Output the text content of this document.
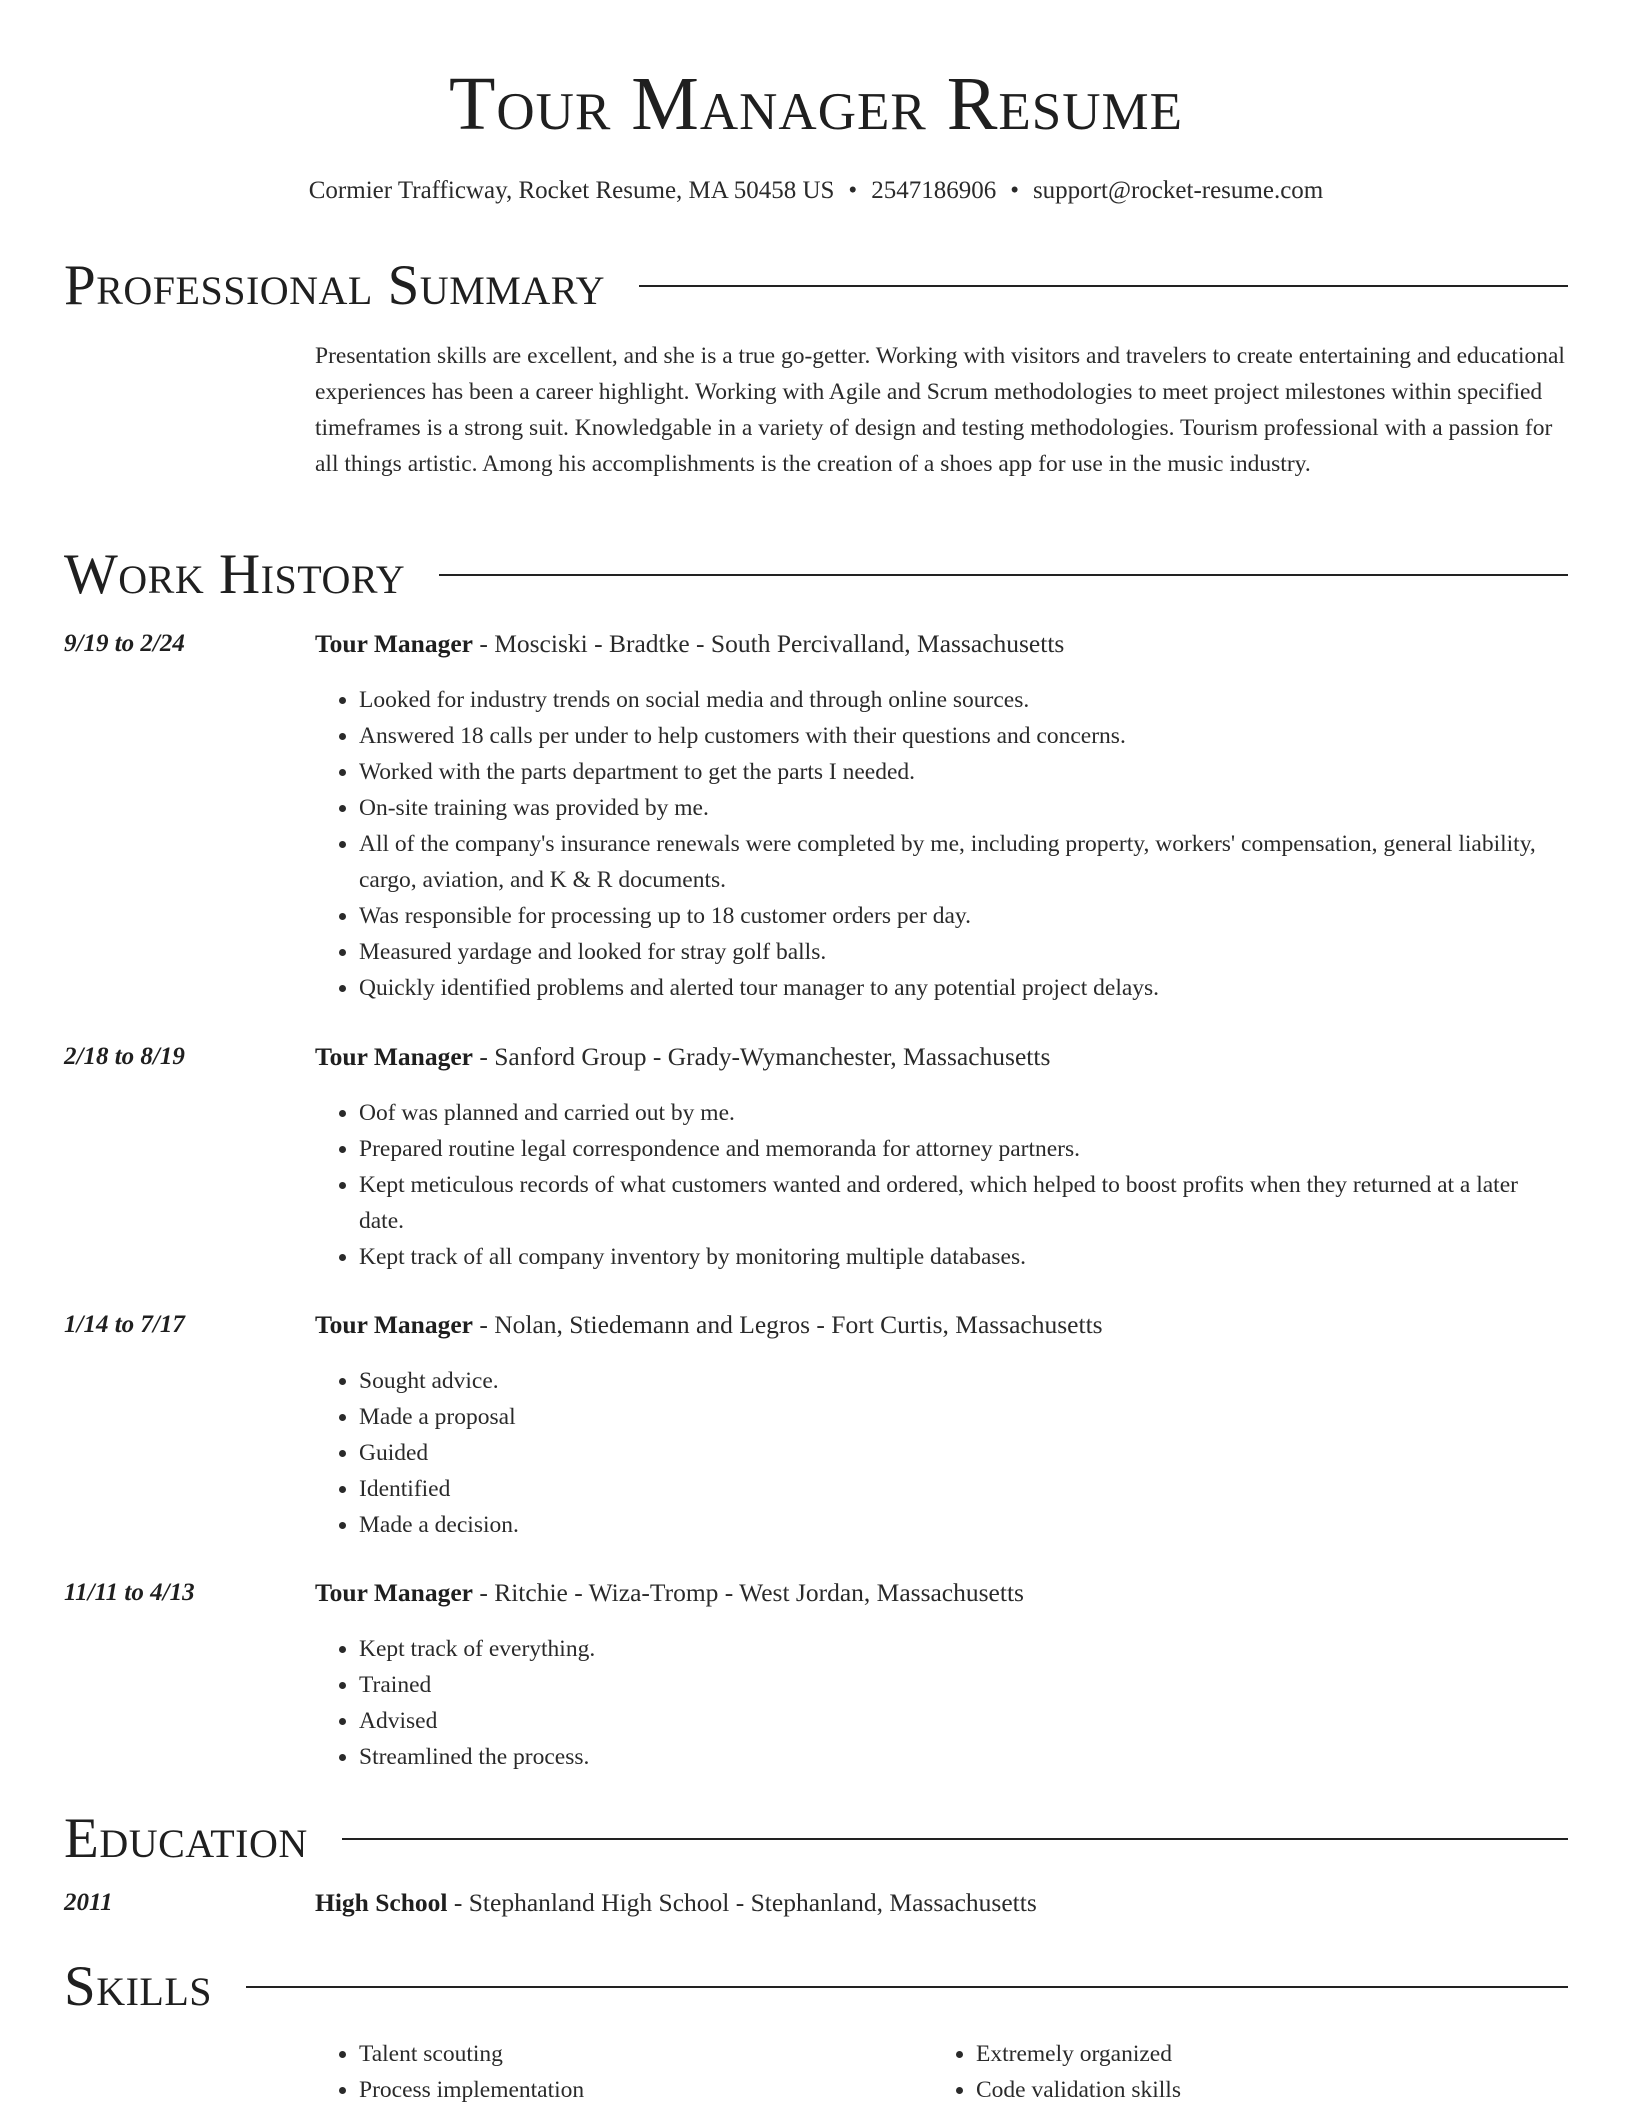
Tour Manager Resume
Cormier Trafficway, Rocket Resume, MA 50458 US • 2547186906 • support@rocket-resume.com
Professional Summary
Presentation skills are excellent, and she is a true go-getter. Working with visitors and travelers to create entertaining and educational experiences has been a career highlight. Working with Agile and Scrum methodologies to meet project milestones within specified timeframes is a strong suit. Knowledgable in a variety of design and testing methodologies. Tourism professional with a passion for all things artistic. Among his accomplishments is the creation of a shoes app for use in the music industry.
Work History
9/19 to 2/24	Tour Manager - Mosciski - Bradtke - South Percivalland, Massachusetts
• Looked for industry trends on social media and through online sources.
• Answered 18 calls per under to help customers with their questions and concerns.
• Worked with the parts department to get the parts I needed.
• On-site training was provided by me.
• All of the company's insurance renewals were completed by me, including property, workers' compensation, general liability, cargo, aviation, and K & R documents.
• Was responsible for processing up to 18 customer orders per day.
• Measured yardage and looked for stray golf balls.
• Quickly identified problems and alerted tour manager to any potential project delays.
2/18 to 8/19	Tour Manager - Sanford Group - Grady-Wymanchester, Massachusetts
• Oof was planned and carried out by me.
• Prepared routine legal correspondence and memoranda for attorney partners.
• Kept meticulous records of what customers wanted and ordered, which helped to boost profits when they returned at a later date.
• Kept track of all company inventory by monitoring multiple databases.
1/14 to 7/17	Tour Manager - Nolan, Stiedemann and Legros - Fort Curtis, Massachusetts
• Sought advice.
• Made a proposal
• Guided
• Identified
• Made a decision.
11/11 to 4/13	Tour Manager - Ritchie - Wiza-Tromp - West Jordan, Massachusetts
• Kept track of everything.
• Trained
• Advised
• Streamlined the process.
Education
2011	High School - Stephanland High School - Stephanland, Massachusetts
Skills
• Talent scouting
• Process implementation
• Extremely organized
• Code validation skills
